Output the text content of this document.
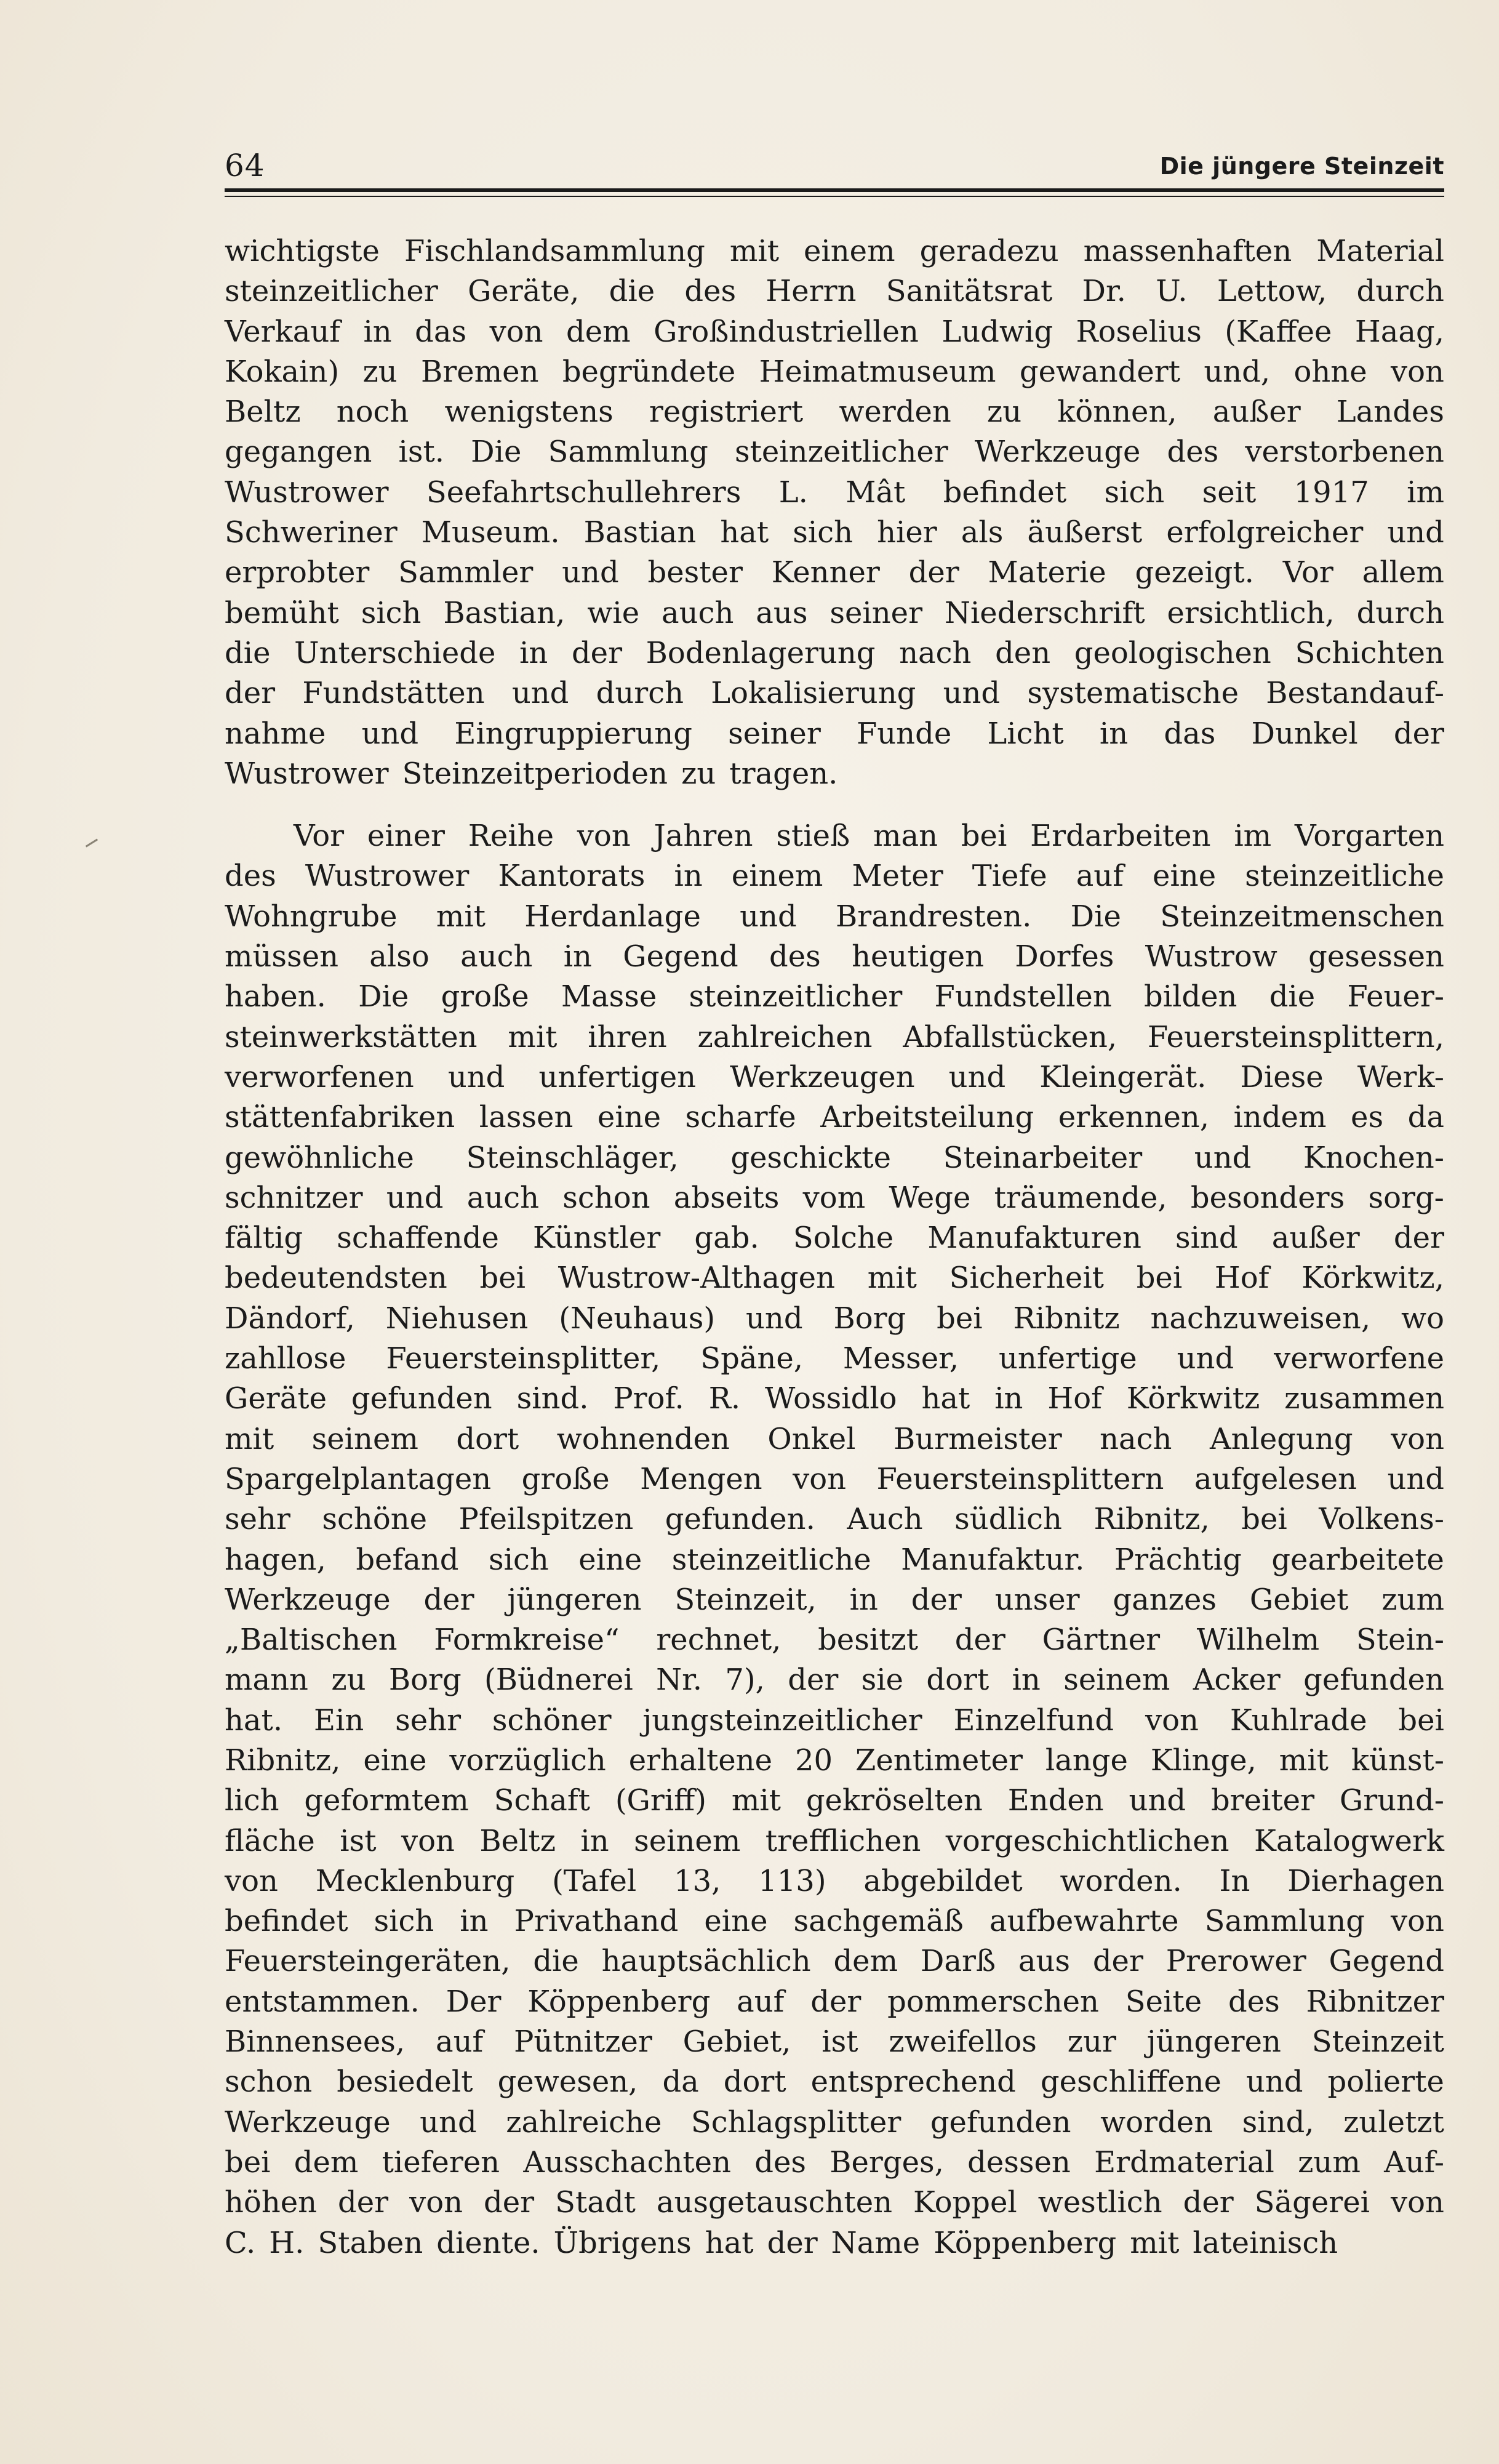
64	Die jüngere Steinzeit
wichtigste Fischlandsammlung mit einem geradezu massenhaften Material
steinzeitlicher Geräte, die des Herrn Sanitätsrat Dr. U. Lettow, durch
Verkauf in das von dem Großindustriellen Ludwig Roselius (Kaffee Haag,
Kokain) zu Bremen begründete Heimatmuseum gewandert und, ohne von
Beltz noch wenigstens registriert werden zu können, außer Landes
gegangen ist. Die Sammlung steinzeitlicher Werkzeuge des verstorbenen
Wustrower Seefahrtschullehrers L. Mât befindet sich seit 1917 im
Schweriner Museum. Bastian hat sich hier als äußerst erfolgreicher und
erprobter Sammler und bester Kenner der Materie gezeigt. Vor allem
bemüht sich Bastian, wie auch aus seiner Niederschrift ersichtlich, durch
die Unterschiede in der Bodenlagerung nach den geologischen Schichten
der Fundstätten und durch Lokalisierung und systematische Bestandauf-
nahme und Eingruppierung seiner Funde Licht in das Dunkel der
Wustrower Steinzeitperioden zu tragen.
Vor einer Reihe von Jahren stieß man bei Erdarbeiten im Vorgarten
des Wustrower Kantorats in einem Meter Tiefe auf eine steinzeitliche
Wohngrube mit Herdanlage und Brandresten. Die Steinzeitmenschen
müssen also auch in Gegend des heutigen Dorfes Wustrow gesessen
haben. Die große Masse steinzeitlicher Fundstellen bilden die Feuer-
steinwerkstätten mit ihren zahlreichen Abfallstücken, Feuersteinsplittern,
verworfenen und unfertigen Werkzeugen und Kleingerät. Diese Werk-
stättenfabriken lassen eine scharfe Arbeitsteilung erkennen, indem es da
gewöhnliche Steinschläger, geschickte Steinarbeiter und Knochen-
schnitzer und auch schon abseits vom Wege träumende, besonders sorg-
fältig schaffende Künstler gab. Solche Manufakturen sind außer der
bedeutendsten bei Wustrow-Althagen mit Sicherheit bei Hof Körkwitz,
Dändorf, Niehusen (Neuhaus) und Borg bei Ribnitz nachzuweisen, wo
zahllose Feuersteinsplitter, Späne, Messer, unfertige und verworfene
Geräte gefunden sind. Prof. R. Wossidlo hat in Hof Körkwitz zusammen
mit seinem dort wohnenden Onkel Burmeister nach Anlegung von
Spargelplantagen große Mengen von Feuersteinsplittern aufgelesen und
sehr schöne Pfeilspitzen gefunden. Auch südlich Ribnitz, bei Volkens-
hagen, befand sich eine steinzeitliche Manufaktur. Prächtig gearbeitete
Werkzeuge der jüngeren Steinzeit, in der unser ganzes Gebiet zum
„Baltischen Formkreise“ rechnet, besitzt der Gärtner Wilhelm Stein-
mann zu Borg (Büdnerei Nr. 7), der sie dort in seinem Acker gefunden
hat. Ein sehr schöner jungsteinzeitlicher Einzelfund von Kuhlrade bei
Ribnitz, eine vorzüglich erhaltene 20 Zentimeter lange Klinge, mit künst-
lich geformtem Schaft (Griff) mit gekröselten Enden und breiter Grund-
fläche ist von Beltz in seinem trefflichen vorgeschichtlichen Katalogwerk
von Mecklenburg (Tafel 13, 113) abgebildet worden. In Dierhagen
befindet sich in Privathand eine sachgemäß aufbewahrte Sammlung von
Feuersteingeräten, die hauptsächlich dem Darß aus der Prerower Gegend
entstammen. Der Köppenberg auf der pommerschen Seite des Ribnitzer
Binnensees, auf Pütnitzer Gebiet, ist zweifellos zur jüngeren Steinzeit
schon besiedelt gewesen, da dort entsprechend geschliffene und polierte
Werkzeuge und zahlreiche Schlagsplitter gefunden worden sind, zuletzt
bei dem tieferen Ausschachten des Berges, dessen Erdmaterial zum Auf-
höhen der von der Stadt ausgetauschten Koppel westlich der Sägerei von
C. H. Staben diente. Übrigens hat der Name Köppenberg mit lateinisch
